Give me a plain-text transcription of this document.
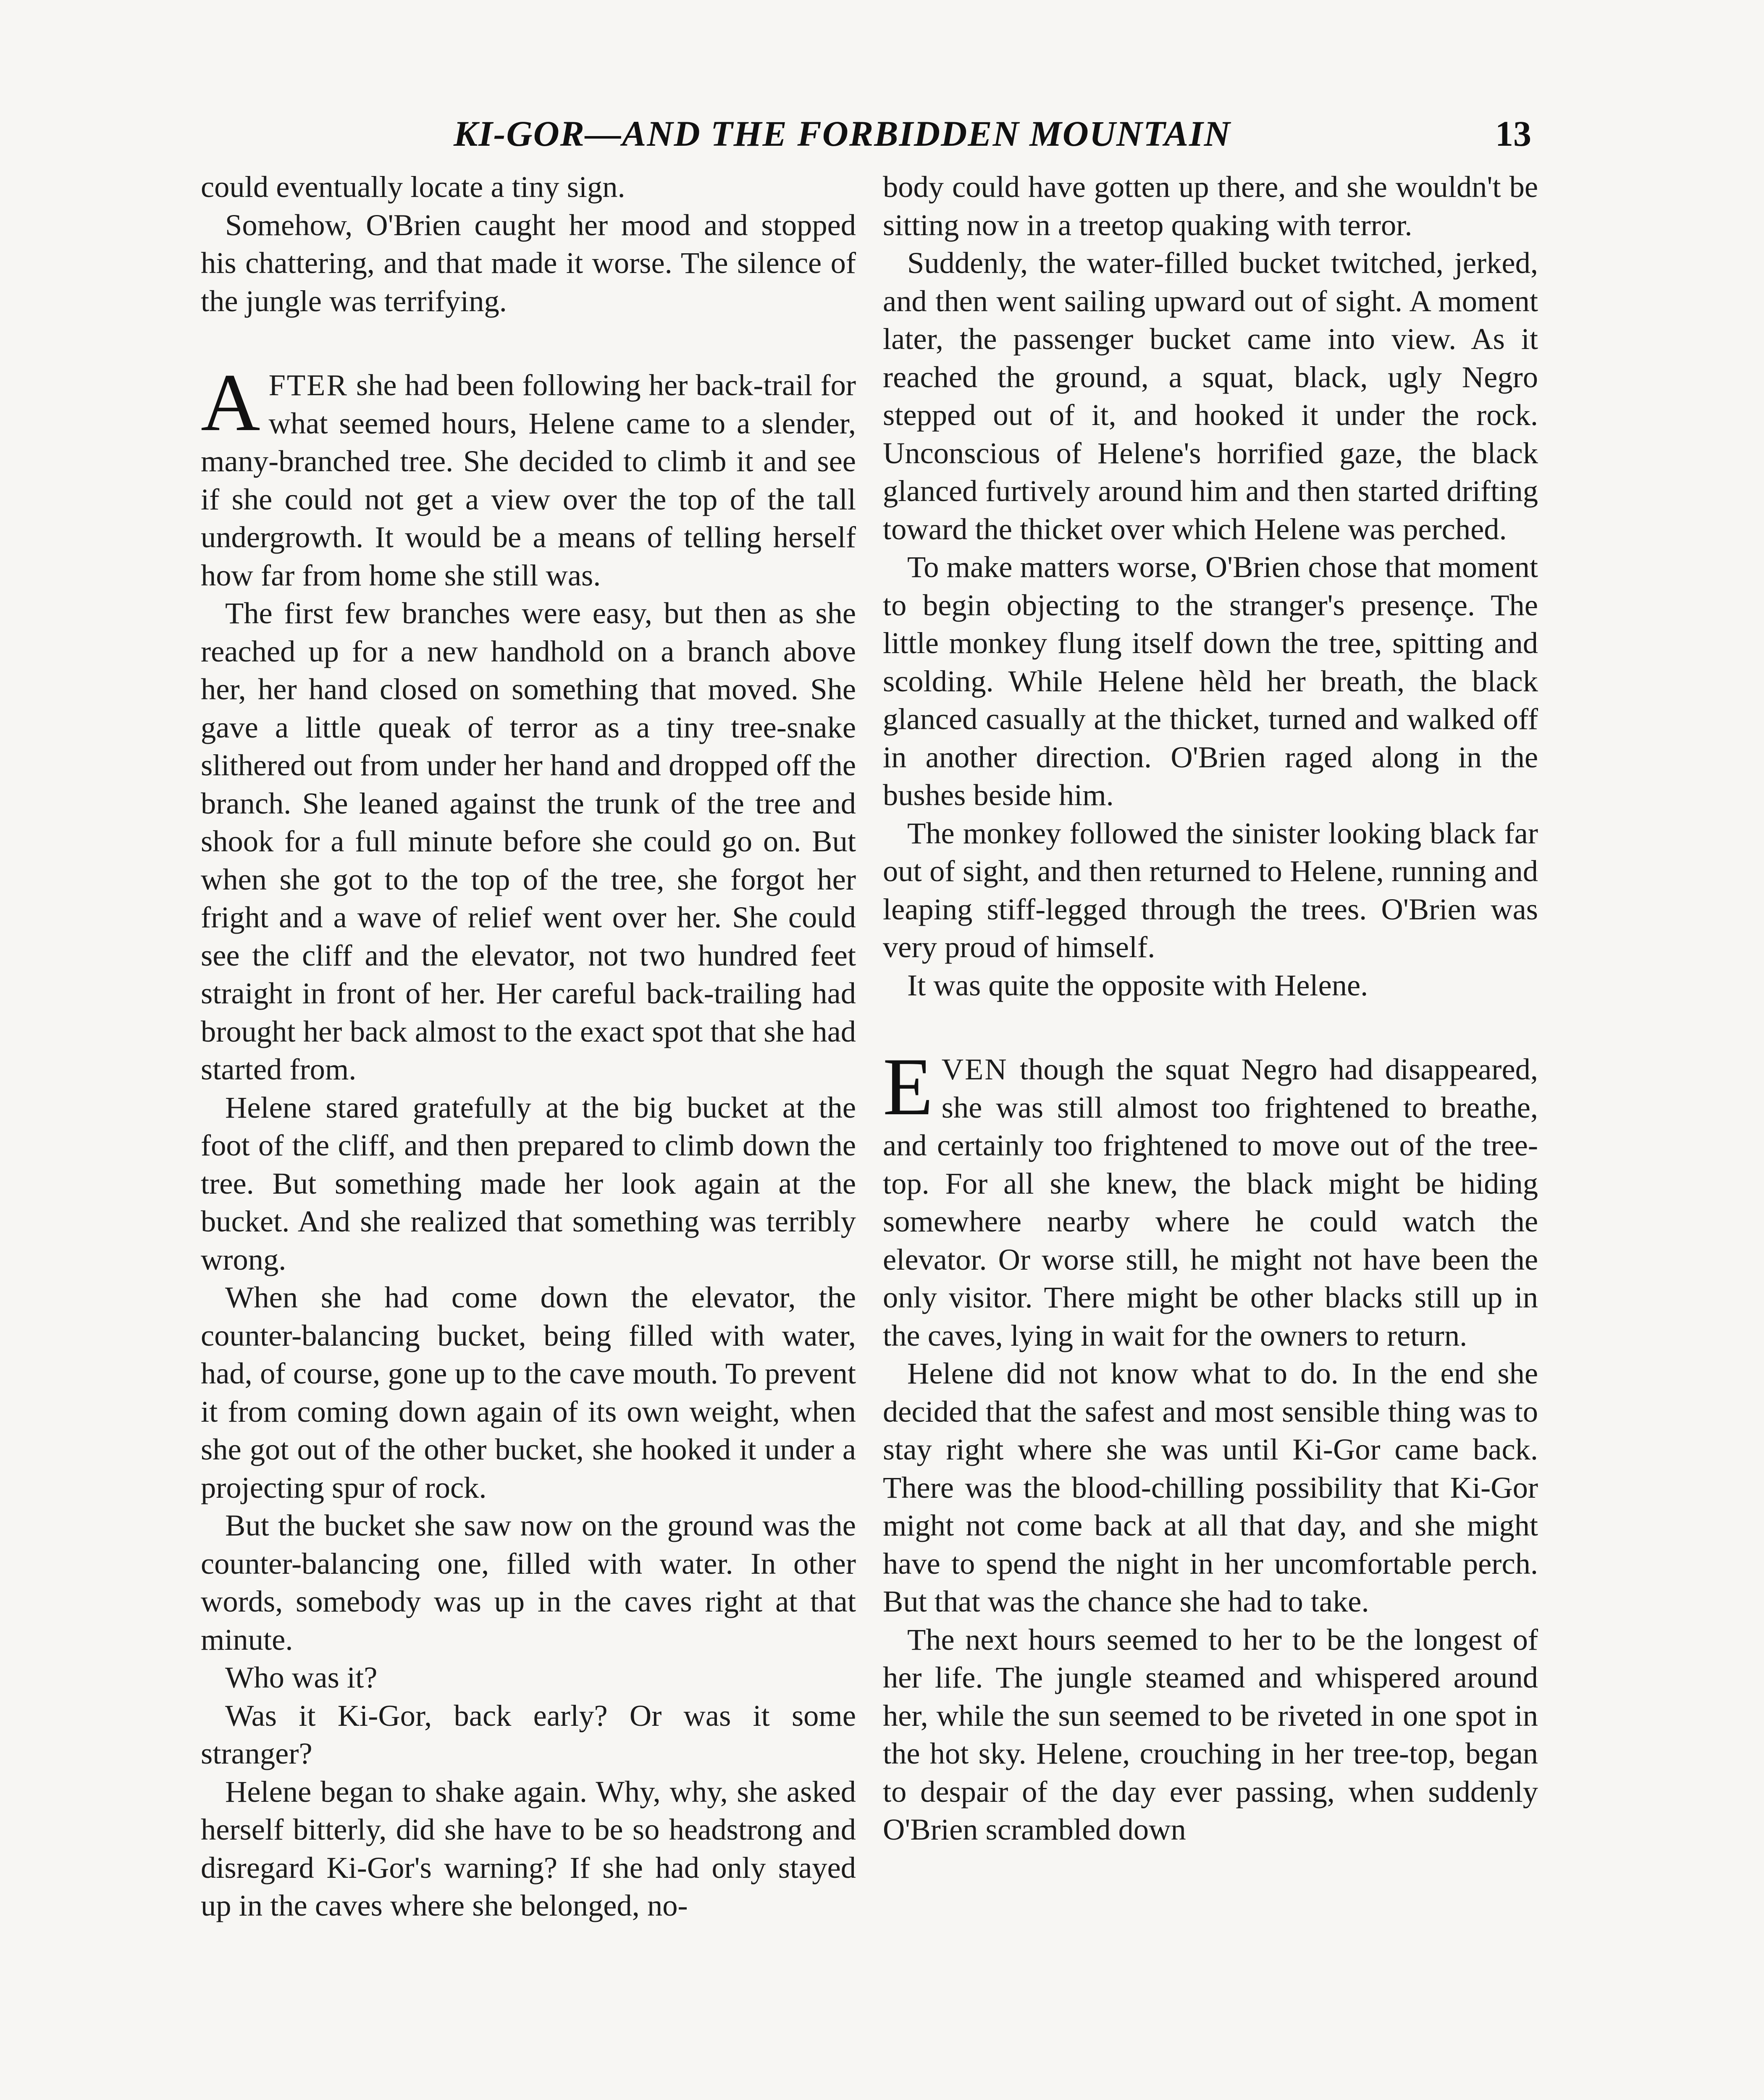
KI-GOR—AND THE FORBIDDEN MOUNTAIN	13

could eventually locate a tiny sign.

Somehow, O'Brien caught her mood and stopped his chattering, and that made it worse. The silence of the jungle was terrifying.

AFTER she had been following her back-trail for what seemed hours, Helene came to a slender, many-branched tree. She decided to climb it and see if she could not get a view over the top of the tall undergrowth. It would be a means of telling herself how far from home she still was.

The first few branches were easy, but then as she reached up for a new handhold on a branch above her, her hand closed on something that moved. She gave a little queak of terror as a tiny tree-snake slithered out from under her hand and dropped off the branch. She leaned against the trunk of the tree and shook for a full minute before she could go on. But when she got to the top of the tree, she forgot her fright and a wave of relief went over her. She could see the cliff and the elevator, not two hundred feet straight in front of her. Her careful back-trailing had brought her back almost to the exact spot that she had started from.

Helene stared gratefully at the big bucket at the foot of the cliff, and then prepared to climb down the tree. But something made her look again at the bucket. And she realized that something was terribly wrong.

When she had come down the elevator, the counter-balancing bucket, being filled with water, had, of course, gone up to the cave mouth. To prevent it from coming down again of its own weight, when she got out of the other bucket, she hooked it under a projecting spur of rock.

But the bucket she saw now on the ground was the counter-balancing one, filled with water. In other words, somebody was up in the caves right at that minute.

Who was it?

Was it Ki-Gor, back early? Or was it some stranger?

Helene began to shake again. Why, why, she asked herself bitterly, did she have to be so headstrong and disregard Ki-Gor's warning? If she had only stayed up in the caves where she belonged, no-

body could have gotten up there, and she wouldn't be sitting now in a treetop quaking with terror.

Suddenly, the water-filled bucket twitched, jerked, and then went sailing upward out of sight. A moment later, the passenger bucket came into view. As it reached the ground, a squat, black, ugly Negro stepped out of it, and hooked it under the rock. Unconscious of Helene's horrified gaze, the black glanced furtively around him and then started drifting toward the thicket over which Helene was perched.

To make matters worse, O'Brien chose that moment to begin objecting to the stranger's presençe. The little monkey flung itself down the tree, spitting and scolding. While Helene hèld her breath, the black glanced casually at the thicket, turned and walked off in another direction. O'Brien raged along in the bushes beside him.

The monkey followed the sinister looking black far out of sight, and then returned to Helene, running and leaping stiff-legged through the trees. O'Brien was very proud of himself.

It was quite the opposite with Helene.

EVEN though the squat Negro had disappeared, she was still almost too frightened to breathe, and certainly too frightened to move out of the tree-top. For all she knew, the black might be hiding somewhere nearby where he could watch the elevator. Or worse still, he might not have been the only visitor. There might be other blacks still up in the caves, lying in wait for the owners to return.

Helene did not know what to do. In the end she decided that the safest and most sensible thing was to stay right where she was until Ki-Gor came back. There was the blood-chilling possibility that Ki-Gor might not come back at all that day, and she might have to spend the night in her uncomfortable perch. But that was the chance she had to take.

The next hours seemed to her to be the longest of her life. The jungle steamed and whispered around her, while the sun seemed to be riveted in one spot in the hot sky. Helene, crouching in her tree-top, began to despair of the day ever passing, when suddenly O'Brien scrambled down
